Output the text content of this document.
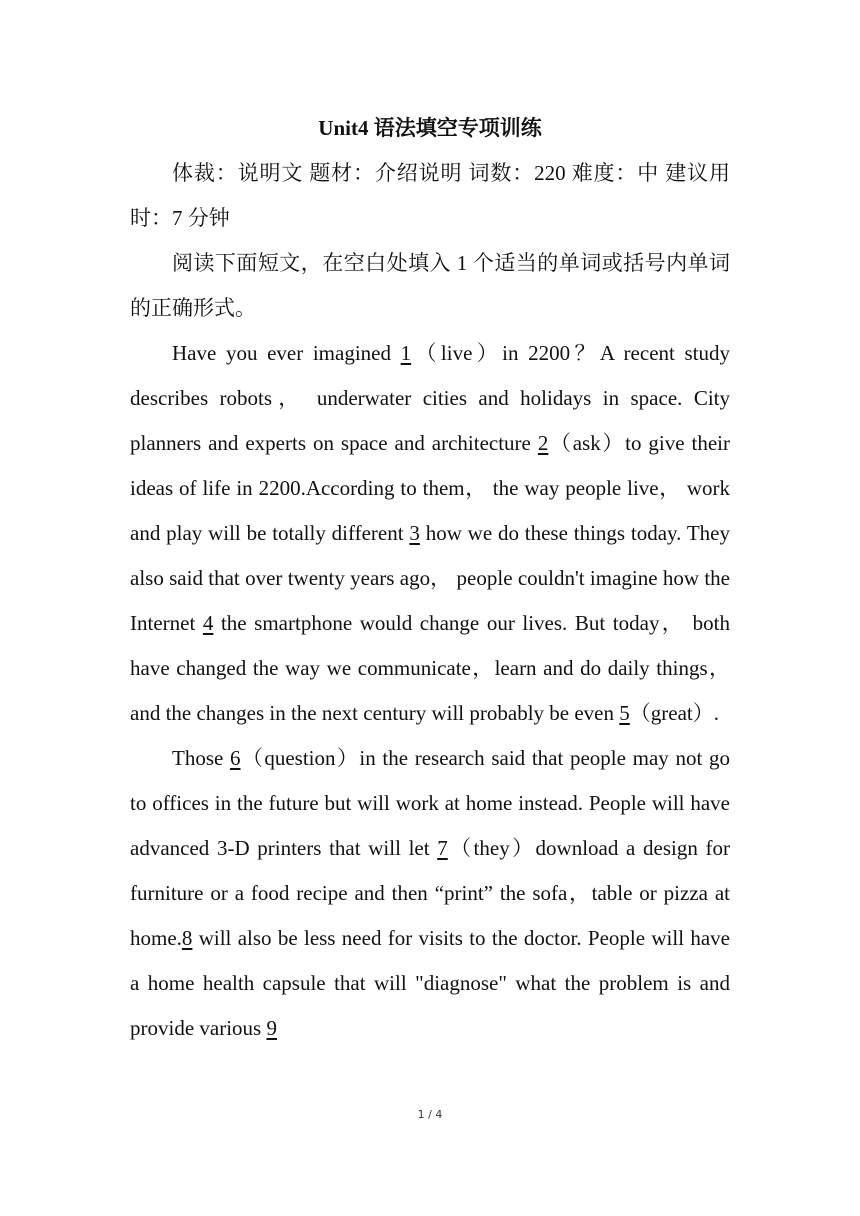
Unit4 语法填空专项训练

体裁：说明文 题材：介绍说明 词数：220 难度：中 建议用时：7 分钟

阅读下面短文，在空白处填入 1 个适当的单词或括号内单词的正确形式。

Have you ever imagined 1（live）in 2200？A recent study describes robots， underwater cities and holidays in space. City planners and experts on space and architecture 2（ask）to give their ideas of life in 2200.According to them， the way people live， work and play will be totally different 3 how we do these things today. They also said that over twenty years ago， people couldn't imagine how the Internet 4 the smartphone would change our lives. But today， both have changed the way we communicate，learn and do daily things，and the changes in the next century will probably be even 5（great）.

Those 6（question）in the research said that people may not go to offices in the future but will work at home instead. People will have advanced 3-D printers that will let 7（they）download a design for furniture or a food recipe and then “print” the sofa，table or pizza at home.8 will also be less need for visits to the doctor. People will have a home health capsule that will "diagnose" what the problem is and provide various 9

1 / 4
